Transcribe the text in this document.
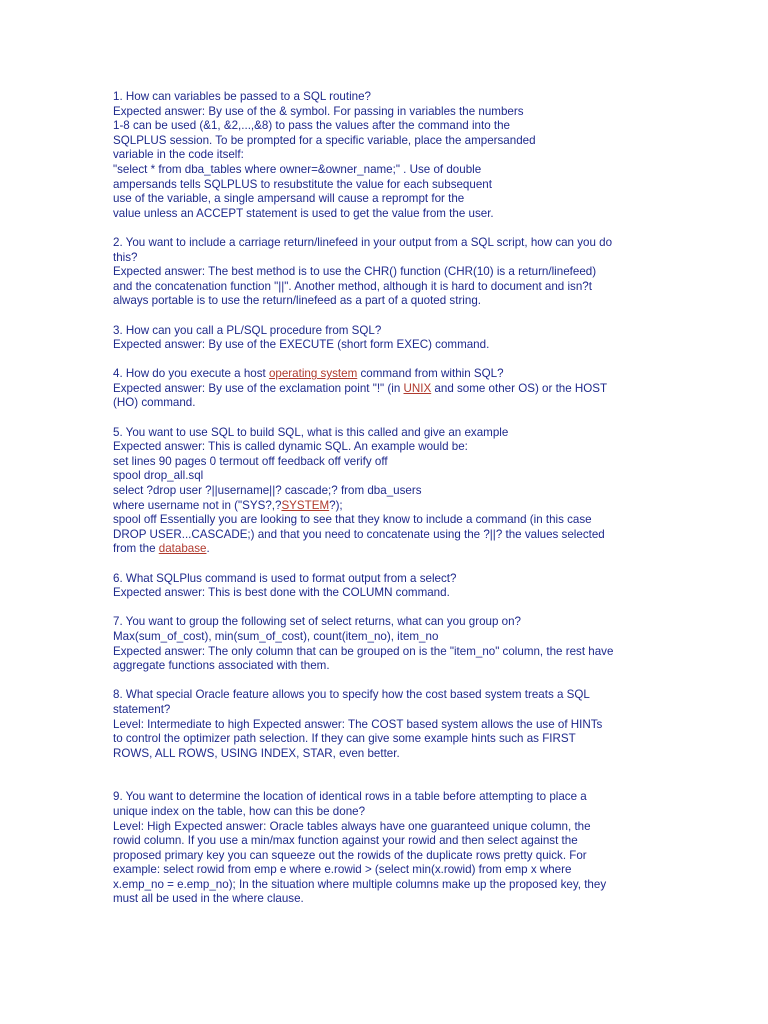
1. How can variables be passed to a SQL routine?
Expected answer: By use of the & symbol. For passing in variables the numbers
1-8 can be used (&1, &2,...,&8) to pass the values after the command into the
SQLPLUS session. To be prompted for a specific variable, place the ampersanded
variable in the code itself:
"select * from dba_tables where owner=&owner_name;" . Use of double
ampersands tells SQLPLUS to resubstitute the value for each subsequent
use of the variable, a single ampersand will cause a reprompt for the
value unless an ACCEPT statement is used to get the value from the user.
2. You want to include a carriage return/linefeed in your output from a SQL script, how can you do
this?
Expected answer: The best method is to use the CHR() function (CHR(10) is a return/linefeed)
and the concatenation function "||". Another method, although it is hard to document and isn?t
always portable is to use the return/linefeed as a part of a quoted string.
3. How can you call a PL/SQL procedure from SQL?
Expected answer: By use of the EXECUTE (short form EXEC) command.
4. How do you execute a host operating system command from within SQL?
Expected answer: By use of the exclamation point "!" (in UNIX and some other OS) or the HOST
(HO) command.
5. You want to use SQL to build SQL, what is this called and give an example
Expected answer: This is called dynamic SQL. An example would be:
set lines 90 pages 0 termout off feedback off verify off
spool drop_all.sql
select ?drop user ?||username||? cascade;? from dba_users
where username not in ("SYS?,?SYSTEM?);
spool off Essentially you are looking to see that they know to include a command (in this case
DROP USER...CASCADE;) and that you need to concatenate using the ?||? the values selected
from the database.
6. What SQLPlus command is used to format output from a select?
Expected answer: This is best done with the COLUMN command.
7. You want to group the following set of select returns, what can you group on?
Max(sum_of_cost), min(sum_of_cost), count(item_no), item_no
Expected answer: The only column that can be grouped on is the "item_no" column, the rest have
aggregate functions associated with them.
8. What special Oracle feature allows you to specify how the cost based system treats a SQL
statement?
Level: Intermediate to high Expected answer: The COST based system allows the use of HINTs
to control the optimizer path selection. If they can give some example hints such as FIRST
ROWS, ALL ROWS, USING INDEX, STAR, even better.
9. You want to determine the location of identical rows in a table before attempting to place a
unique index on the table, how can this be done?
Level: High Expected answer: Oracle tables always have one guaranteed unique column, the
rowid column. If you use a min/max function against your rowid and then select against the
proposed primary key you can squeeze out the rowids of the duplicate rows pretty quick. For
example: select rowid from emp e where e.rowid > (select min(x.rowid) from emp x where
x.emp_no = e.emp_no); In the situation where multiple columns make up the proposed key, they
must all be used in the where clause.
